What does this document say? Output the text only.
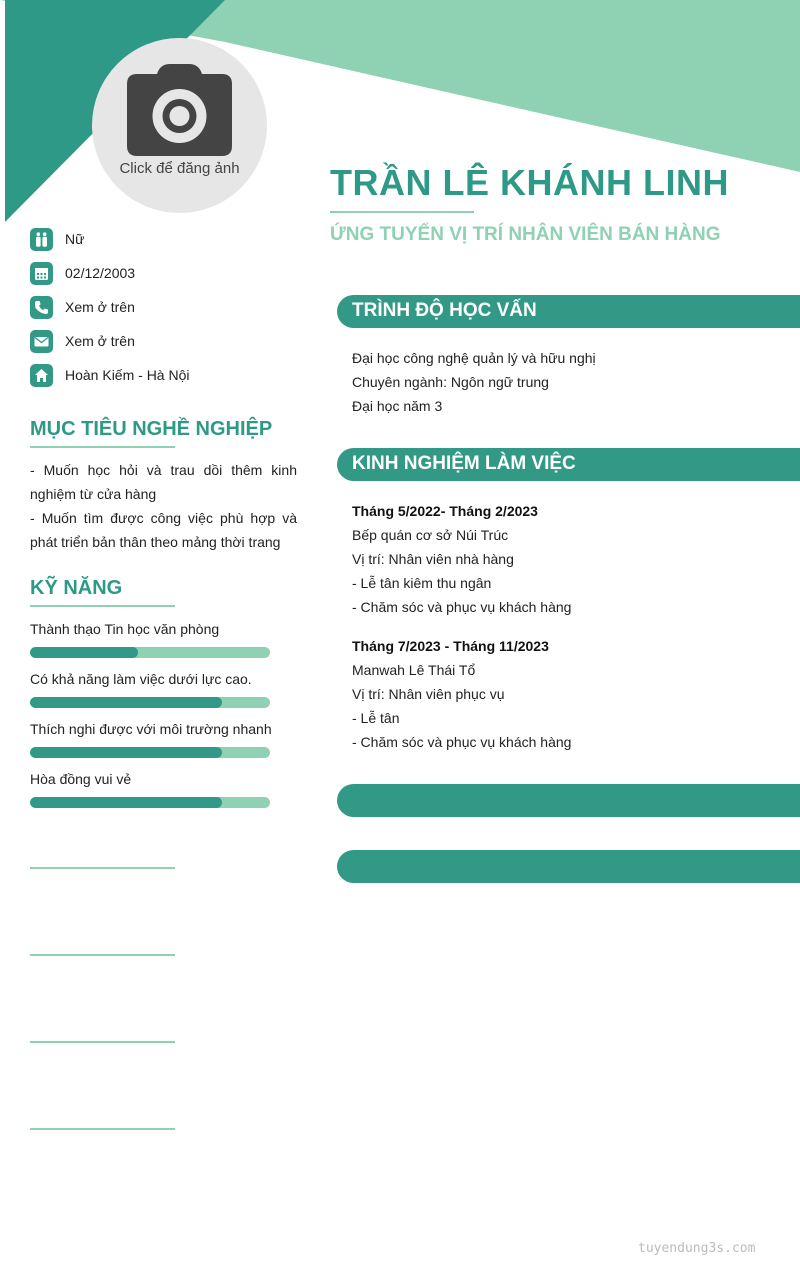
Click để đăng ảnh	TRẦN LÊ KHÁNH LINH
ỨNG TUYỂN VỊ TRÍ NHÂN VIÊN BÁN HÀNG
Nữ
02/12/2003
Xem ở trên
Xem ở trên
Hoàn Kiếm - Hà Nội
MỤC TIÊU NGHỀ NGHIỆP
- Muốn học hỏi và trau dồi thêm kinh nghiệm từ cửa hàng
- Muốn tìm được công việc phù hợp và phát triển bản thân theo mảng thời trang
KỸ NĂNG
Thành thạo Tin học văn phòng
Có khả năng làm việc dưới lực cao.
Thích nghi được với môi trường nhanh
Hòa đồng vui vẻ
TRÌNH ĐỘ HỌC VẤN
Đại học công nghệ quản lý và hữu nghị
Chuyên ngành: Ngôn ngữ trung
Đại học năm 3
KINH NGHIỆM LÀM VIỆC
Tháng 5/2022- Tháng 2/2023
Bếp quán cơ sở Núi Trúc
Vị trí: Nhân viên nhà hàng
- Lễ tân kiêm thu ngân
- Chăm sóc và phục vụ khách hàng
Tháng 7/2023 - Tháng 11/2023
Manwah Lê Thái Tổ
Vị trí: Nhân viên phục vụ
- Lễ tân
- Chăm sóc và phục vụ khách hàng
tuyendung3s.com
